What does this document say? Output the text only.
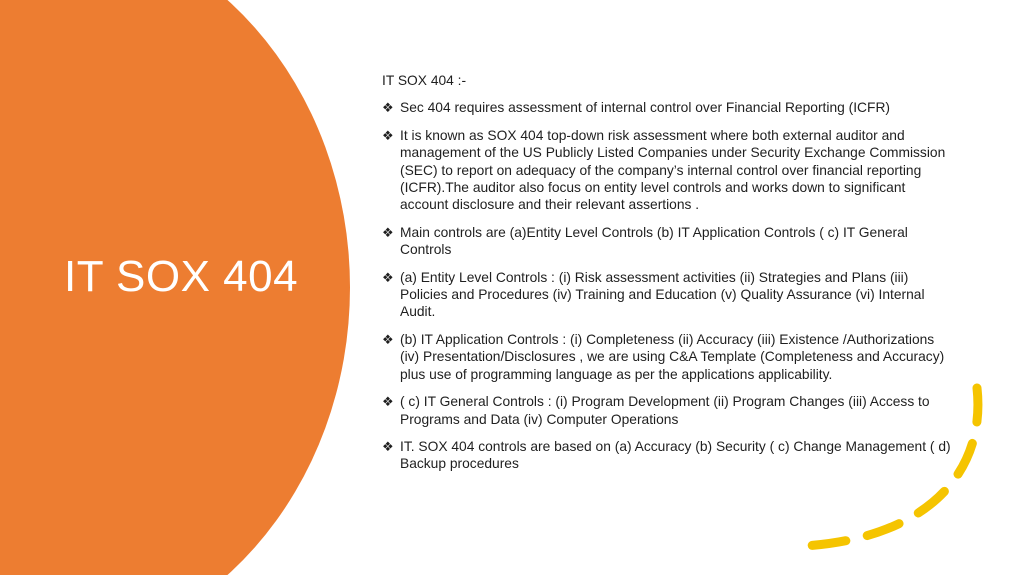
IT SOX 404
IT SOX 404 :-
❖ Sec 404 requires assessment of internal control over Financial Reporting (ICFR)
❖ It is known as SOX 404 top-down risk assessment where both external auditor and management of the US Publicly Listed Companies under Security Exchange Commission (SEC) to report on adequacy of the company’s internal control over financial reporting (ICFR).The auditor also focus on entity level controls and works down to significant account disclosure and their relevant assertions .
❖ Main controls are (a)Entity Level Controls (b) IT Application Controls ( c) IT General Controls
❖ (a) Entity Level Controls : (i) Risk assessment activities (ii) Strategies and Plans (iii) Policies and Procedures (iv) Training and Education (v) Quality Assurance (vi) Internal Audit.
❖ (b) IT Application Controls : (i) Completeness (ii) Accuracy (iii) Existence /Authorizations (iv) Presentation/Disclosures , we are using C&A Template (Completeness and Accuracy) plus use of programming language as per the applications applicability.
❖ ( c) IT General Controls : (i) Program Development (ii) Program Changes (iii) Access to Programs and Data (iv) Computer Operations
❖ IT. SOX 404 controls are based on (a) Accuracy (b) Security ( c) Change Management ( d) Backup procedures
